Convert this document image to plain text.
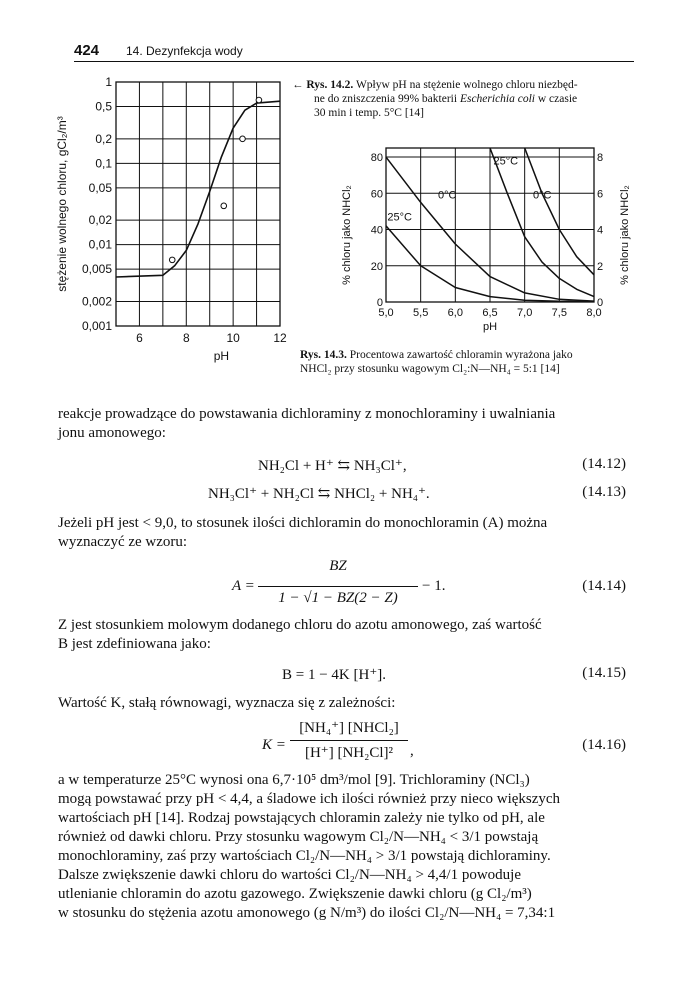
424 14. Dezynfekcja wody
1
0,5
0,2
0,1
0,05
0,02
0,01
0,005
0,002
0,001
6	8	10	12
pH
stężenie wolnego chloru, gCl₂/m³
← Rys. 14.2. Wpływ pH na stężenie wolnego chloru niezbęd-
ne do zniszczenia 99% bakterii Escherichia coli w czasie
30 min i temp. 5°C [14]
5,0 5,5 6,0 6,5 7,0 7,5 8,0
0
20
40
60
80
0
2
4
6
8
pH
% chloru jako NHCl₂	% chloru jako NHCl₂
25°C
0°C	0°C
25°C
Rys. 14.3. Procentowa zawartość chloramin wyrażona jako
NHCl₂ przy stosunku wagowym Cl₂:N—NH₄ = 5:1 [14]
reakcje prowadzące do powstawania dichloraminy z monochloraminy i uwalniania
jonu amonowego:
NH₂Cl + H⁺ ⇆ NH₃Cl⁺,	(14.12)
NH₃Cl⁺ + NH₂Cl ⇆ NHCl₂ + NH₄⁺.	(14.13)
Jeżeli pH jest < 9,0, to stosunek ilości dichloramin do monochloramin (A) można
wyznaczyć ze wzoru:
A =
BZ
1 − √1 − BZ(2 − Z)
− 1.	(14.14)
Z jest stosunkiem molowym dodanego chloru do azotu amonowego, zaś wartość
B jest zdefiniowana jako:
B = 1 − 4K [H⁺].	(14.15)
Wartość K, stałą równowagi, wyznacza się z zależności:
K =
[NH₄⁺] [NHCl₂]
[H⁺] [NH₂Cl]²	,	(14.16)
a w temperaturze 25°C wynosi ona 6,7·10⁵ dm³/mol [9]. Trichloraminy (NCl₃)
mogą powstawać przy pH < 4,4, a śladowe ich ilości również przy nieco większych
wartościach pH [14]. Rodzaj powstających chloramin zależy nie tylko od pH, ale
również od dawki chloru. Przy stosunku wagowym Cl₂/N—NH₄ < 3/1 powstają
monochloraminy, zaś przy wartościach Cl₂/N—NH₄ > 3/1 powstają dichloraminy.
Dalsze zwiększenie dawki chloru do wartości Cl₂/N—NH₄ > 4,4/1 powoduje
utlenianie chloramin do azotu gazowego. Zwiększenie dawki chloru (g Cl₂/m³)
w stosunku do stężenia azotu amonowego (g N/m³) do ilości Cl₂/N—NH₄ = 7,34:1
